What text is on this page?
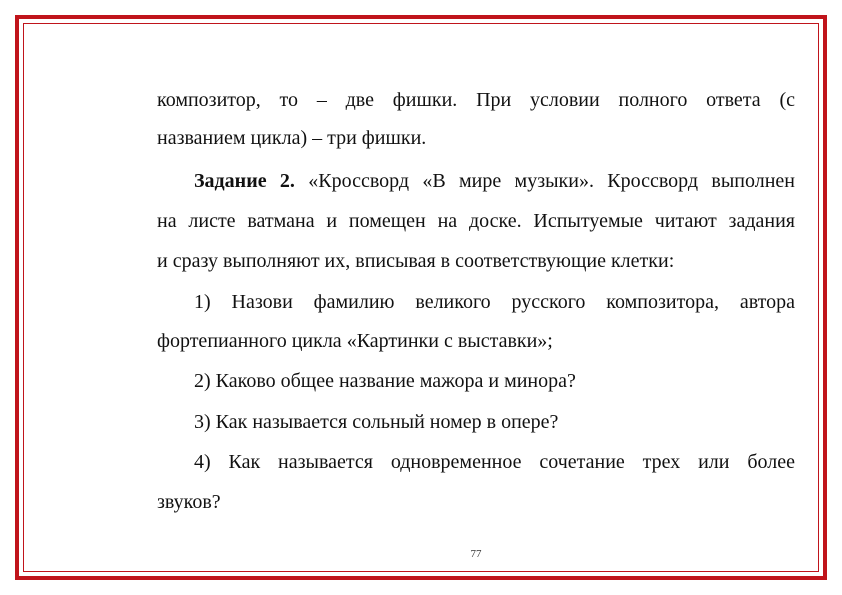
композитор, то – две фишки. При условии полного ответа (с
названием цикла) – три фишки.
Задание 2. «Кроссворд «В мире музыки». Кроссворд выполнен
на листе ватмана и помещен на доске. Испытуемые читают задания
и сразу выполняют их, вписывая в соответствующие клетки:
1) Назови фамилию великого русского композитора, автора
фортепианного цикла «Картинки с выставки»;
2) Каково общее название мажора и минора?
3) Как называется сольный номер в опере?
4) Как называется одновременное сочетание трех или более
звуков?
77
